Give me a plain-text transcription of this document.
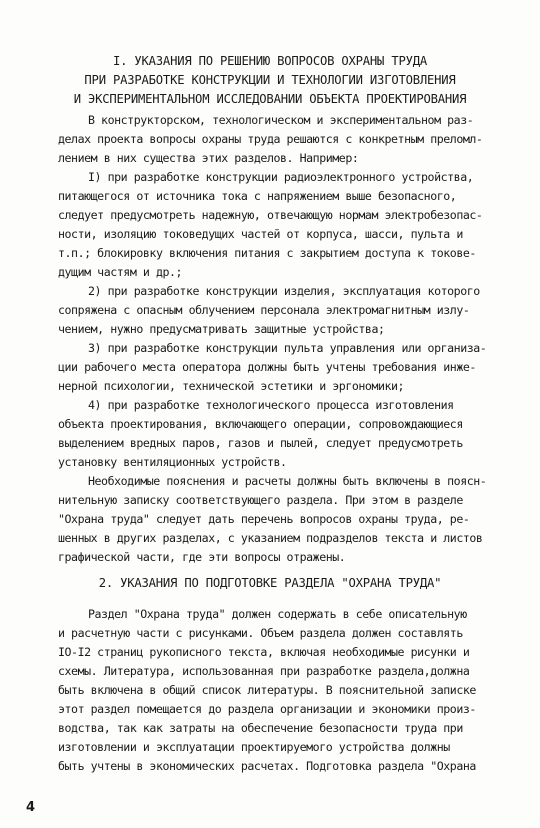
I. УКАЗАНИЯ ПО РЕШЕНИЮ ВОПРОСОВ ОХРАНЫ ТРУДА
ПРИ РАЗРАБОТКЕ КОНСТРУКЦИИ И ТЕХНОЛОГИИ ИЗГОТОВЛЕНИЯ
И ЭКСПЕРИМЕНТАЛЬНОМ ИССЛЕДОВАНИИ ОБЪЕКТА ПРОЕКТИРОВАНИЯ
В конструкторском, технологическом и экспериментальном раз-
делах проекта вопросы охраны труда решаются с конкретным преломл-
лением в них существа этих разделов. Например:
I) при разработке конструкции радиоэлектронного устройства,
питающегося от источника тока с напряжением выше безопасного,
следует предусмотреть надежную, отвечающую нормам электробезопас-
ности, изоляцию токоведущих частей от корпуса, шасси, пульта и
т.п.; блокировку включения питания с закрытием доступа к токове-
дущим частям и др.;
2) при разработке конструкции изделия, эксплуатация которого
сопряжена с опасным облучением персонала электромагнитным излу-
чением, нужно предусматривать защитные устройства;
3) при разработке конструкции пульта управления или организа-
ции рабочего места оператора должны быть учтены требования инже-
нерной психологии, технической эстетики и эргономики;
4) при разработке технологического процесса изготовления
объекта проектирования, включающего операции, сопровождающиеся
выделением вредных паров, газов и пылей, следует предусмотреть
установку вентиляционных устройств.
Необходимые пояснения и расчеты должны быть включены в поясн-
нительную записку соответствующего раздела. При этом в разделе
"Охрана труда" следует дать перечень вопросов охраны труда, ре-
шенных в других разделах, с указанием подразделов текста и листов
графической части, где эти вопросы отражены.
2. УКАЗАНИЯ ПО ПОДГОТОВКЕ РАЗДЕЛА "ОХРАНА ТРУДА"
Раздел "Охрана труда" должен содержать в себе описательную
и расчетную части с рисунками. Объем раздела должен составлять
IO-I2 страниц рукописного текста, включая необходимые рисунки и
схемы. Литература, использованная при разработке раздела,должна
быть включена в общий список литературы. В пояснительной записке
этот раздел помещается до раздела организации и экономики произ-
водства, так как затраты на обеспечение безопасности труда при
изготовлении и эксплуатации проектируемого устройства должны
быть учтены в экономических расчетах. Подготовка раздела "Охрана
4
